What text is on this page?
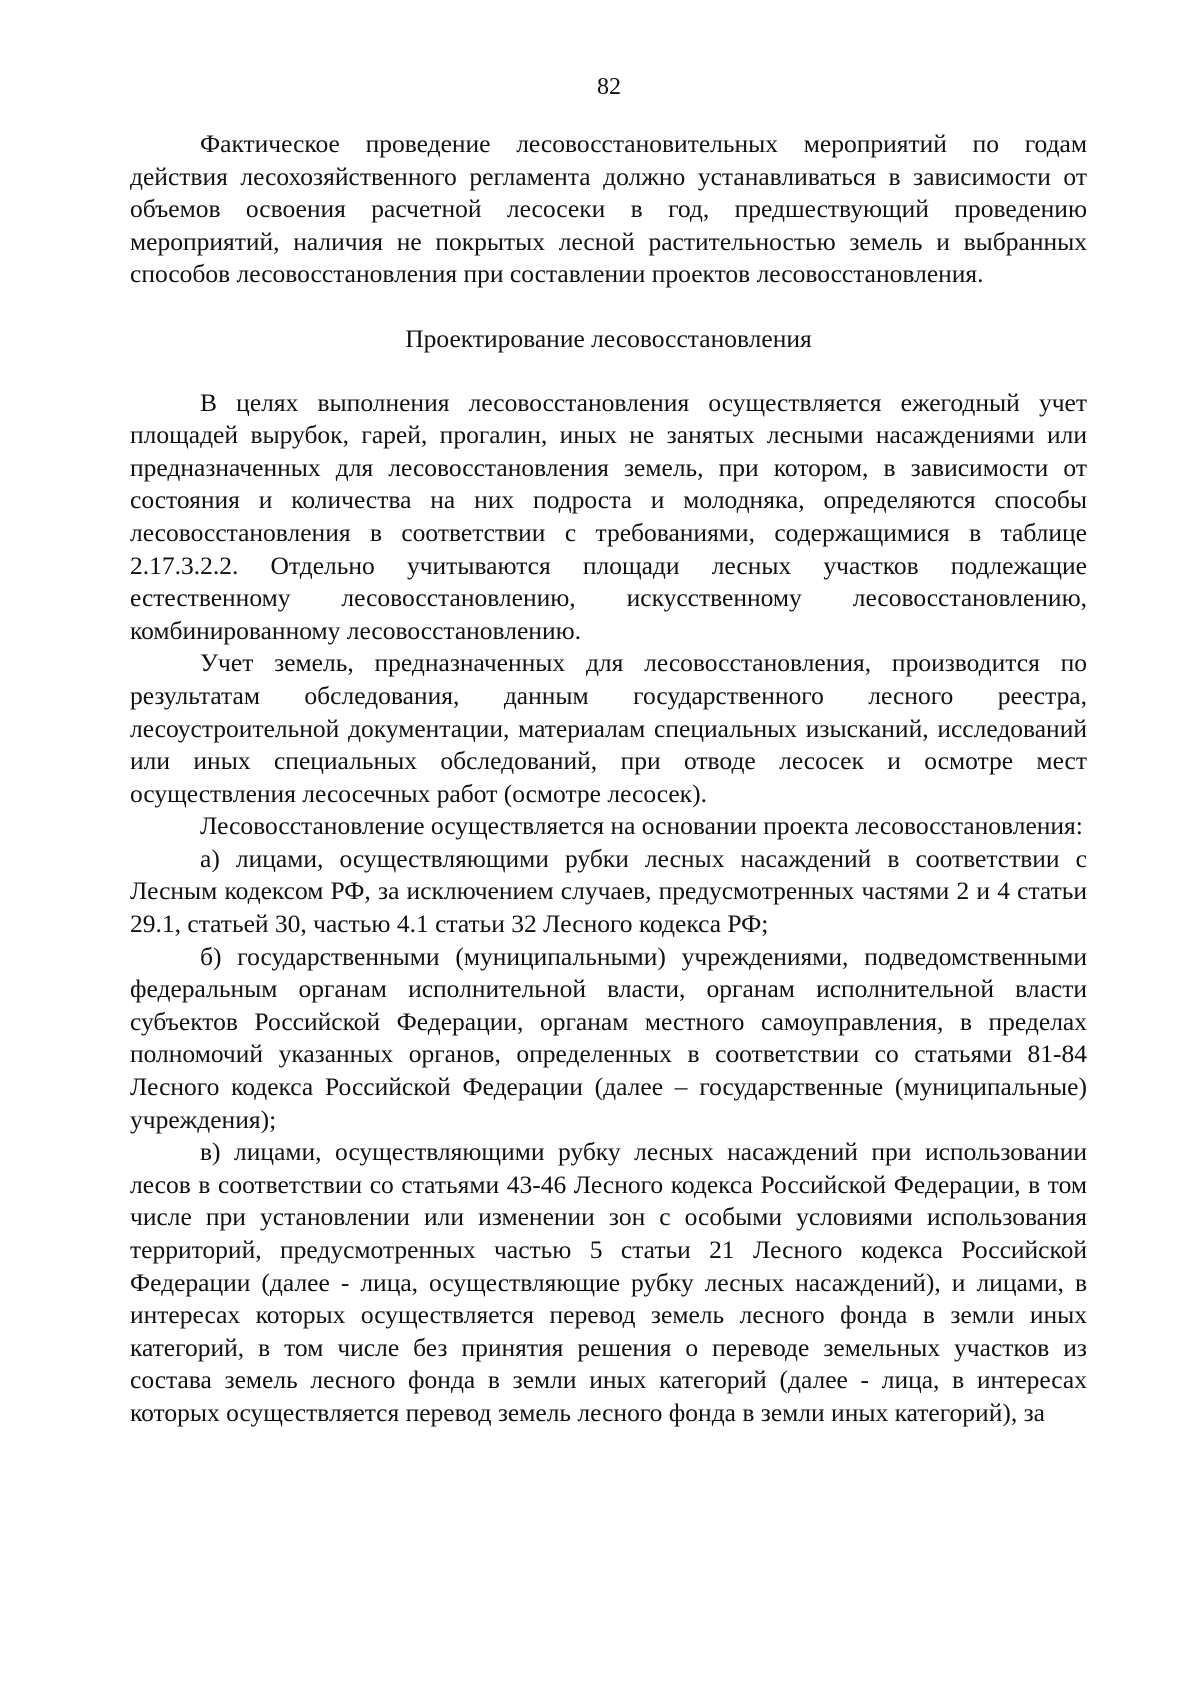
82

Фактическое проведение лесовосстановительных мероприятий по годам действия лесохозяйственного регламента должно устанавливаться в зависимости от объемов освоения расчетной лесосеки в год, предшествующий проведению мероприятий, наличия не покрытых лесной растительностью земель и выбранных способов лесовосстановления при составлении проектов лесовосстановления.

Проектирование лесовосстановления

В целях выполнения лесовосстановления осуществляется ежегодный учет площадей вырубок, гарей, прогалин, иных не занятых лесными насаждениями или предназначенных для лесовосстановления земель, при котором, в зависимости от состояния и количества на них подроста и молодняка, определяются способы лесовосстановления в соответствии с требованиями, содержащимися в таблице 2.17.3.2.2. Отдельно учитываются площади лесных участков подлежащие естественному лесовосстановлению, искусственному лесовосстановлению, комбинированному лесовосстановлению.

Учет земель, предназначенных для лесовосстановления, производится по результатам обследования, данным государственного лесного реестра, лесоустроительной документации, материалам специальных изысканий, исследований или иных специальных обследований, при отводе лесосек и осмотре мест осуществления лесосечных работ (осмотре лесосек).

Лесовосстановление осуществляется на основании проекта лесовосстановления:

а) лицами, осуществляющими рубки лесных насаждений в соответствии с Лесным кодексом РФ, за исключением случаев, предусмотренных частями 2 и 4 статьи 29.1, статьей 30, частью 4.1 статьи 32 Лесного кодекса РФ;

б) государственными (муниципальными) учреждениями, подведомственными федеральным органам исполнительной власти, органам исполнительной власти субъектов Российской Федерации, органам местного самоуправления, в пределах полномочий указанных органов, определенных в соответствии со статьями 81-84 Лесного кодекса Российской Федерации (далее – государственные (муниципальные) учреждения);

в) лицами, осуществляющими рубку лесных насаждений при использовании лесов в соответствии со статьями 43-46 Лесного кодекса Российской Федерации, в том числе при установлении или изменении зон с особыми условиями использования территорий, предусмотренных частью 5 статьи 21 Лесного кодекса Российской Федерации (далее - лица, осуществляющие рубку лесных насаждений), и лицами, в интересах которых осуществляется перевод земель лесного фонда в земли иных категорий, в том числе без принятия решения о переводе земельных участков из состава земель лесного фонда в земли иных категорий (далее - лица, в интересах которых осуществляется перевод земель лесного фонда в земли иных категорий), за
